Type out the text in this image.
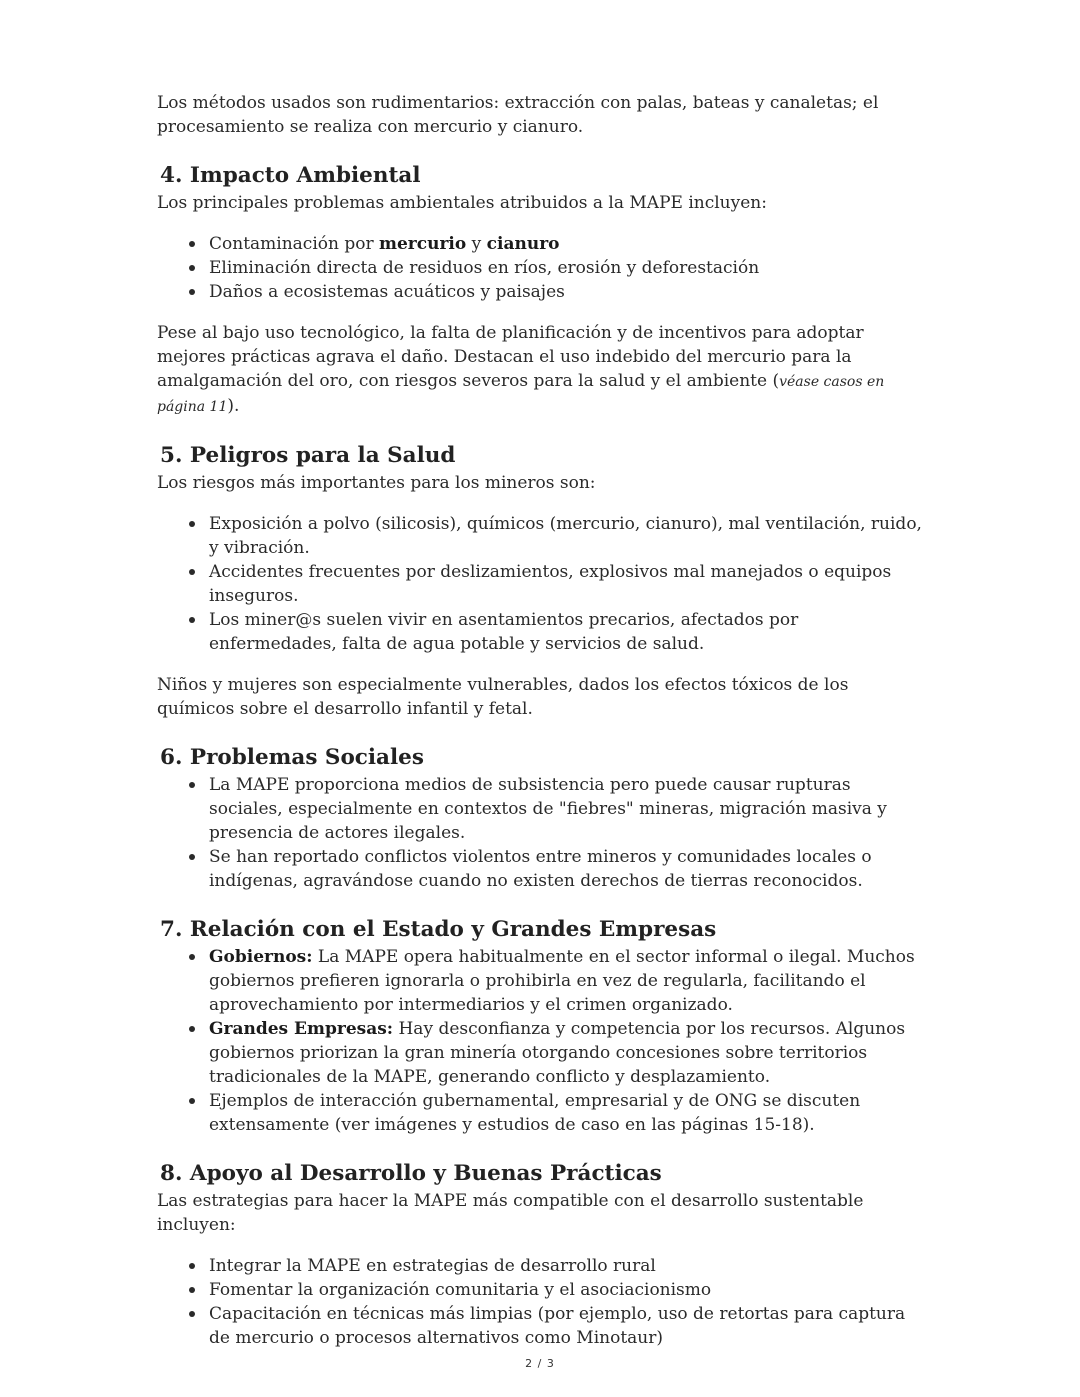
Los métodos usados son rudimentarios: extracción con palas, bateas y canaletas; el procesamiento se realiza con mercurio y cianuro.

4. Impacto Ambiental

Los principales problemas ambientales atribuidos a la MAPE incluyen:

Contaminación por mercurio y cianuro
Eliminación directa de residuos en ríos, erosión y deforestación
Daños a ecosistemas acuáticos y paisajes

Pese al bajo uso tecnológico, la falta de planificación y de incentivos para adoptar mejores prácticas agrava el daño. Destacan el uso indebido del mercurio para la amalgamación del oro, con riesgos severos para la salud y el ambiente (véase casos en página 11).

5. Peligros para la Salud

Los riesgos más importantes para los mineros son:

Exposición a polvo (silicosis), químicos (mercurio, cianuro), mal ventilación, ruido, y vibración.
Accidentes frecuentes por deslizamientos, explosivos mal manejados o equipos inseguros.
Los miner@s suelen vivir en asentamientos precarios, afectados por enfermedades, falta de agua potable y servicios de salud.

Niños y mujeres son especialmente vulnerables, dados los efectos tóxicos de los químicos sobre el desarrollo infantil y fetal.

6. Problemas Sociales
La MAPE proporciona medios de subsistencia pero puede causar rupturas sociales, especialmente en contextos de "fiebres" mineras, migración masiva y presencia de actores ilegales.
Se han reportado conflictos violentos entre mineros y comunidades locales o indígenas, agravándose cuando no existen derechos de tierras reconocidos.
7. Relación con el Estado y Grandes Empresas
Gobiernos: La MAPE opera habitualmente en el sector informal o ilegal. Muchos gobiernos prefieren ignorarla o prohibirla en vez de regularla, facilitando el aprovechamiento por intermediarios y el crimen organizado.
Grandes Empresas: Hay desconfianza y competencia por los recursos. Algunos gobiernos priorizan la gran minería otorgando concesiones sobre territorios tradicionales de la MAPE, generando conflicto y desplazamiento.
Ejemplos de interacción gubernamental, empresarial y de ONG se discuten extensamente (ver imágenes y estudios de caso en las páginas 15-18).
8. Apoyo al Desarrollo y Buenas Prácticas

Las estrategias para hacer la MAPE más compatible con el desarrollo sustentable incluyen:

Integrar la MAPE en estrategias de desarrollo rural
Fomentar la organización comunitaria y el asociacionismo
Capacitación en técnicas más limpias (por ejemplo, uso de retortas para captura de mercurio o procesos alternativos como Minotaur)
2 / 3
